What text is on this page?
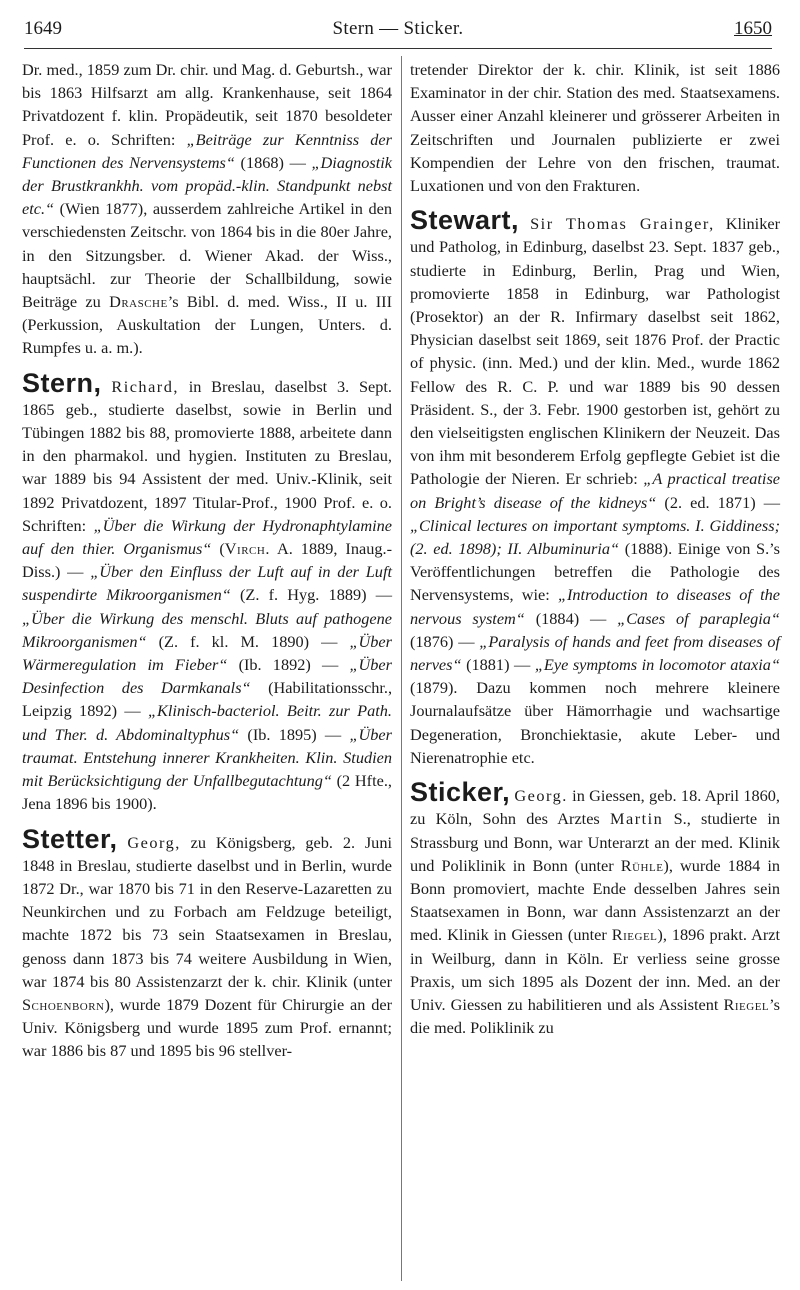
1649	Stern — Sticker.	1650

Dr. med., 1859 zum Dr. chir. und Mag. d. Geburtsh., war bis 1863 Hilfsarzt am allg. Krankenhause, seit 1864 Privatdozent f. klin. Propädeutik, seit 1870 besoldeter Prof. e. o. Schriften: „Beiträge zur Kenntniss der Functionen des Nervensystems“ (1868) — „Diagnostik der Brustkrankhh. vom propäd.-klin. Standpunkt nebst etc.“ (Wien 1877), ausserdem zahlreiche Artikel in den verschiedensten Zeitschr. von 1864 bis in die 80er Jahre, in den Sitzungsber. d. Wiener Akad. der Wiss., hauptsächl. zur Theorie der Schallbildung, sowie Beiträge zu Drasche’s Bibl. d. med. Wiss., II u. III (Perkussion, Auskultation der Lungen, Unters. d. Rumpfes u. a. m.).

Stern, Richard, in Breslau, daselbst 3. Sept. 1865 geb., studierte daselbst, sowie in Berlin und Tübingen 1882 bis 88, promovierte 1888, arbeitete dann in den pharmakol. und hygien. Instituten zu Breslau, war 1889 bis 94 Assistent der med. Univ.-Klinik, seit 1892 Privatdozent, 1897 Titular-Prof., 1900 Prof. e. o. Schriften: „Über die Wirkung der Hydronaphtylamine auf den thier. Organismus“ (Virch. A. 1889, Inaug.-Diss.) — „Über den Einfluss der Luft auf in der Luft suspendirte Mikroorganismen“ (Z. f. Hyg. 1889) — „Über die Wirkung des menschl. Bluts auf pathogene Mikroorganismen“ (Z. f. kl. M. 1890) — „Über Wärmeregulation im Fieber“ (Ib. 1892) — „Über Desinfection des Darmkanals“ (Habilitationsschr., Leipzig 1892) — „Klinisch-bacteriol. Beitr. zur Path. und Ther. d. Abdominaltyphus“ (Ib. 1895) — „Über traumat. Entstehung innerer Krankheiten. Klin. Studien mit Berücksichtigung der Unfallbegutachtung“ (2 Hfte., Jena 1896 bis 1900).

Stetter, Georg, zu Königsberg, geb. 2. Juni 1848 in Breslau, studierte daselbst und in Berlin, wurde 1872 Dr., war 1870 bis 71 in den Reserve-Lazaretten zu Neunkirchen und zu Forbach am Feldzuge beteiligt, machte 1872 bis 73 sein Staatsexamen in Breslau, genoss dann 1873 bis 74 weitere Ausbildung in Wien, war 1874 bis 80 Assistenzarzt der k. chir. Klinik (unter Schoenborn), wurde 1879 Dozent für Chirurgie an der Univ. Königsberg und wurde 1895 zum Prof. ernannt; war 1886 bis 87 und 1895 bis 96 stellver-

tretender Direktor der k. chir. Klinik, ist seit 1886 Examinator in der chir. Station des med. Staatsexamens. Ausser einer Anzahl kleinerer und grösserer Arbeiten in Zeitschriften und Journalen publizierte er zwei Kompendien der Lehre von den frischen, traumat. Luxationen und von den Frakturen.

Stewart, Sir Thomas Grainger, Kliniker und Patholog, in Edinburg, daselbst 23. Sept. 1837 geb., studierte in Edinburg, Berlin, Prag und Wien, promovierte 1858 in Edinburg, war Pathologist (Prosektor) an der R. Infirmary daselbst seit 1862, Physician daselbst seit 1869, seit 1876 Prof. der Practic of physic. (inn. Med.) und der klin. Med., wurde 1862 Fellow des R. C. P. und war 1889 bis 90 dessen Präsident. S., der 3. Febr. 1900 gestorben ist, gehört zu den vielseitigsten englischen Klinikern der Neuzeit. Das von ihm mit besonderem Erfolg gepflegte Gebiet ist die Pathologie der Nieren. Er schrieb: „A practical treatise on Bright’s disease of the kidneys“ (2. ed. 1871) — „Clinical lectures on important symptoms. I. Giddiness; (2. ed. 1898); II. Albuminuria“ (1888). Einige von S.’s Veröffentlichungen betreffen die Pathologie des Nervensystems, wie: „Introduction to diseases of the nervous system“ (1884) — „Cases of paraplegia“ (1876) — „Paralysis of hands and feet from diseases of nerves“ (1881) — „Eye symptoms in locomotor ataxia“ (1879). Dazu kommen noch mehrere kleinere Journalaufsätze über Hämorrhagie und wachsartige Degeneration, Bronchiektasie, akute Leber- und Nierenatrophie etc.

Sticker, Georg. in Giessen, geb. 18. April 1860, zu Köln, Sohn des Arztes Martin S., studierte in Strassburg und Bonn, war Unterarzt an der med. Klinik und Poliklinik in Bonn (unter Rühle), wurde 1884 in Bonn promoviert, machte Ende desselben Jahres sein Staatsexamen in Bonn, war dann Assistenzarzt an der med. Klinik in Giessen (unter Riegel), 1896 prakt. Arzt in Weilburg, dann in Köln. Er verliess seine grosse Praxis, um sich 1895 als Dozent der inn. Med. an der Univ. Giessen zu habilitieren und als Assistent Riegel’s die med. Poliklinik zu
